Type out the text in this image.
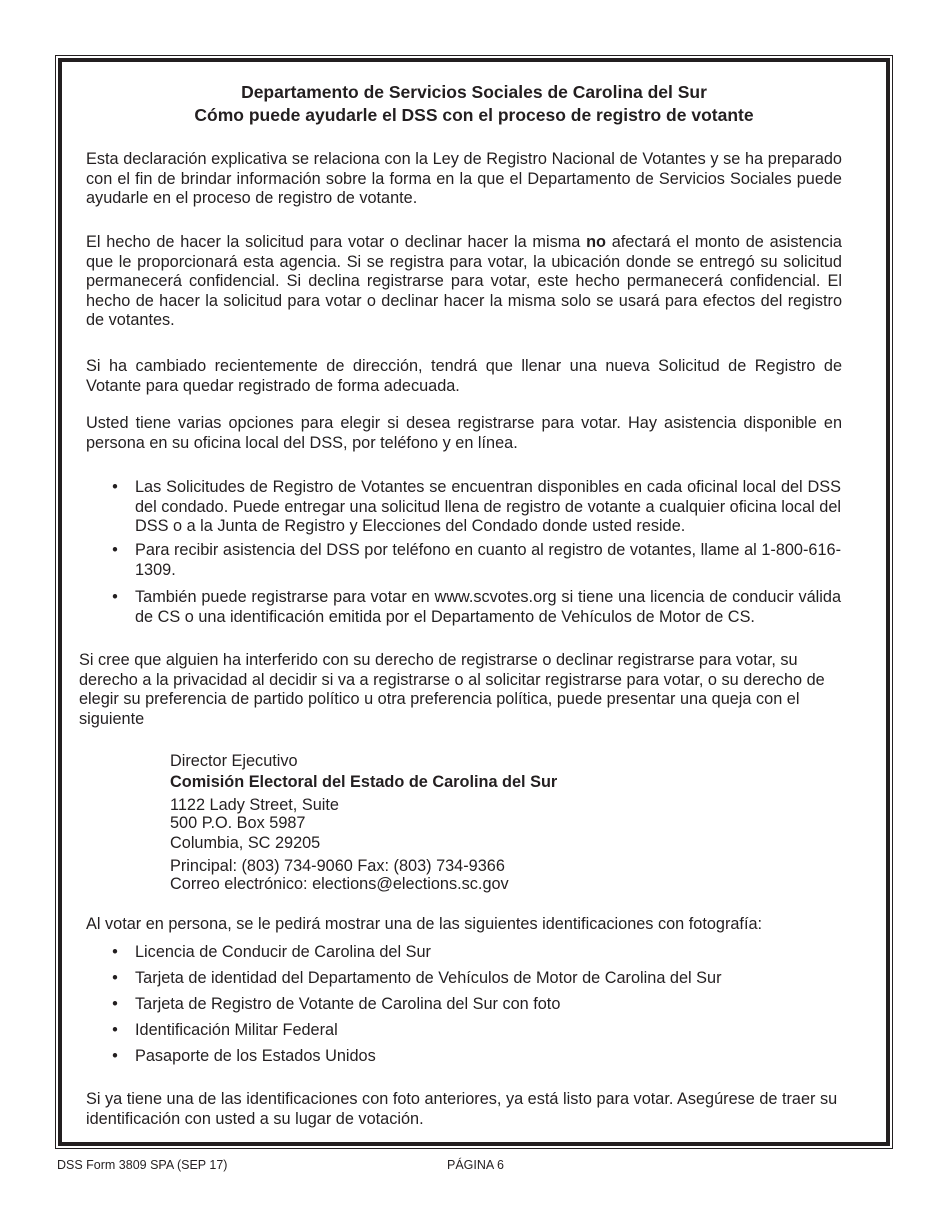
Departamento de Servicios Sociales de Carolina del Sur
Cómo puede ayudarle el DSS con el proceso de registro de votante
Esta declaración explicativa se relaciona con la Ley de Registro Nacional de Votantes y se ha preparado con el fin de brindar información sobre la forma en la que el Departamento de Servicios Sociales puede ayudarle en el proceso de registro de votante.
El hecho de hacer la solicitud para votar o declinar hacer la misma no afectará el monto de asistencia que le proporcionará esta agencia. Si se registra para votar, la ubicación donde se entregó su solicitud permanecerá confidencial. Si declina registrarse para votar, este hecho permanecerá confidencial. El hecho de hacer la solicitud para votar o declinar hacer la misma solo se usará para efectos del registro de votantes.
Si ha cambiado recientemente de dirección, tendrá que llenar una nueva Solicitud de Registro de Votante para quedar registrado de forma adecuada.
Usted tiene varias opciones para elegir si desea registrarse para votar. Hay asistencia disponible en persona en su oficina local del DSS, por teléfono y en línea.
• Las Solicitudes de Registro de Votantes se encuentran disponibles en cada oficinal local del DSS del condado. Puede entregar una solicitud llena de registro de votante a cualquier oficina local del DSS o a la Junta de Registro y Elecciones del Condado donde usted reside.
• Para recibir asistencia del DSS por teléfono en cuanto al registro de votantes, llame al 1-800-616-1309.
• También puede registrarse para votar en www.scvotes.org si tiene una licencia de conducir válida de CS o una identificación emitida por el Departamento de Vehículos de Motor de CS.
Si cree que alguien ha interferido con su derecho de registrarse o declinar registrarse para votar, su derecho a la privacidad al decidir si va a registrarse o al solicitar registrarse para votar, o su derecho de elegir su preferencia de partido político u otra preferencia política, puede presentar una queja con el siguiente
Director Ejecutivo
Comisión Electoral del Estado de Carolina del Sur
1122 Lady Street, Suite
500 P.O. Box 5987
Columbia, SC 29205
Principal: (803) 734-9060 Fax: (803) 734-9366
Correo electrónico: elections@elections.sc.gov
Al votar en persona, se le pedirá mostrar una de las siguientes identificaciones con fotografía:
• Licencia de Conducir de Carolina del Sur
• Tarjeta de identidad del Departamento de Vehículos de Motor de Carolina del Sur
• Tarjeta de Registro de Votante de Carolina del Sur con foto
• Identificación Militar Federal
• Pasaporte de los Estados Unidos
Si ya tiene una de las identificaciones con foto anteriores, ya está listo para votar. Asegúrese de traer su identificación con usted a su lugar de votación.
DSS Form 3809 SPA (SEP 17)	PÁGINA 6
